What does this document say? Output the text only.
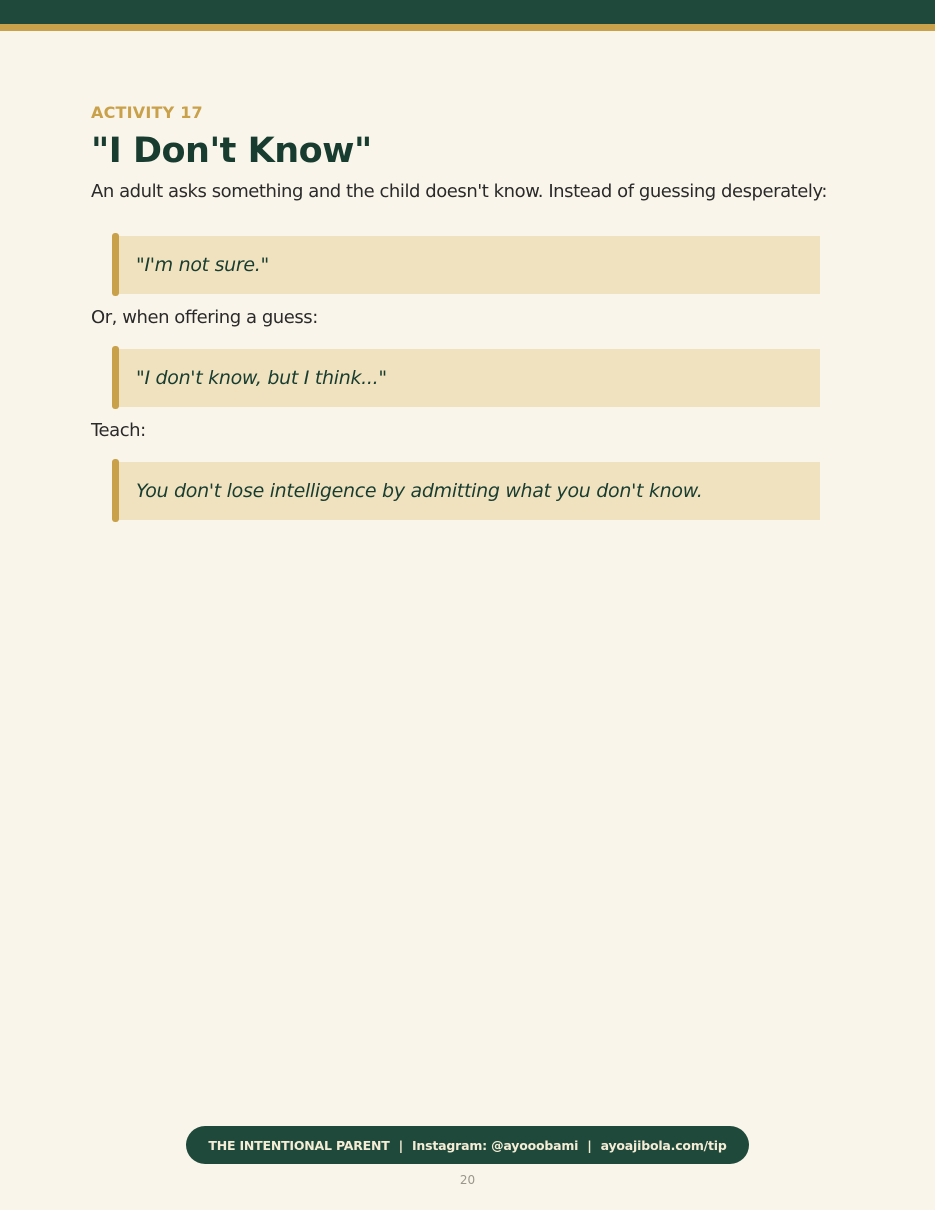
ACTIVITY 17

"I Don't Know"

An adult asks something and the child doesn't know. Instead of guessing desperately:

"I'm not sure."

Or, when offering a guess:

"I don't know, but I think..."

Teach:

You don't lose intelligence by admitting what you don't know.
THE INTENTIONAL PARENT | Instagram: @ayooobami | ayoajibola.com/tip
20
